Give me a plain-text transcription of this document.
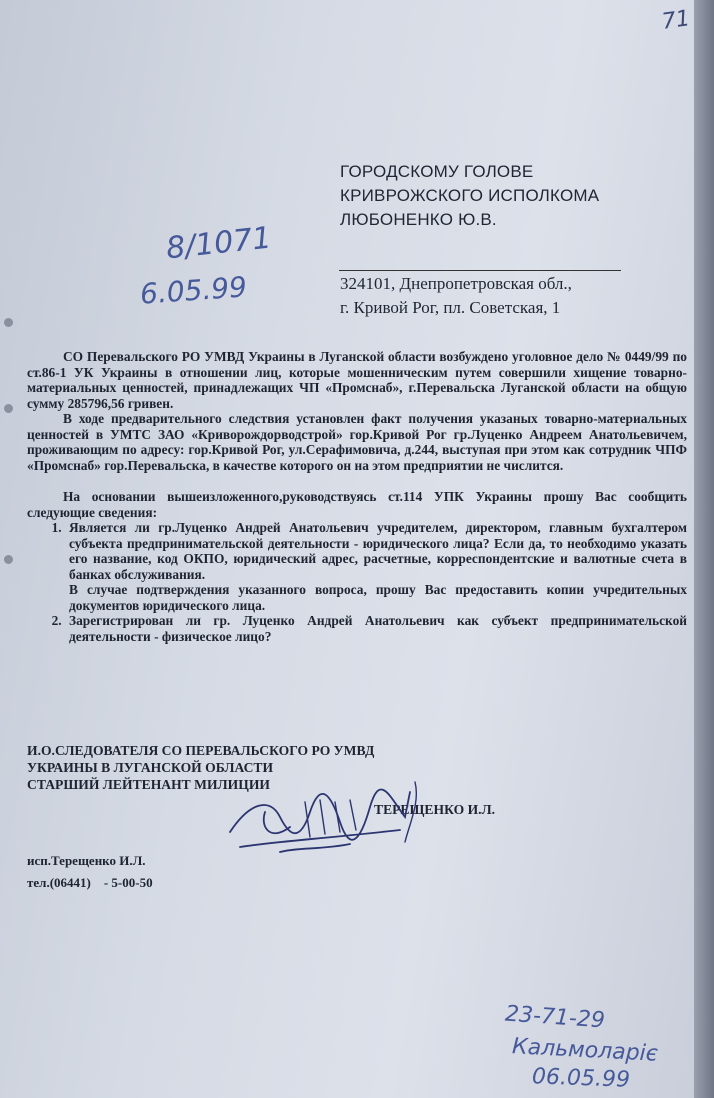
71
ГОРОДСКОМУ ГОЛОВЕ
КРИВРОЖСКОГО ИСПОЛКОМА
ЛЮБОНЕНКО Ю.В.
324101, Днепропетровская обл.,
г. Кривой Рог, пл. Советская, 1
8/1071
6.05.99

СО Перевальского РО УМВД Украины в Луганской области возбуждено уголовное дело № 0449/99 по ст.86-1 УК Украины в отношении лиц, которые мошенническим путем совершили хищение товарно-материальных ценностей, принадлежащих ЧП «Промснаб», г.Перевальска Луганской области на общую сумму 285796,56 гривен.

В ходе предварительного следствия установлен факт получения указаных товарно-материальных ценностей в УМТС ЗАО «Криворождорводстрой» гор.Кривой Рог гр.Луценко Андреем Анатольевичем, проживающим по адресу: гор.Кривой Рог, ул.Серафимовича, д.244, выступая при этом как сотрудник ЧПФ «Промснаб» гор.Перевальска, в качестве которого он на этом предприятии не числится.

На основании вышеизложенного,руководствуясь ст.114 УПК Украины прошу Вас сообщить следующие сведения:

1. Является ли гр.Луценко Андрей Анатольевич учредителем, директором, главным бухгалтером субъекта предпринимательской деятельности - юридического лица? Если да, то необходимо указать его название, код ОКПО, юридический адрес, расчетные, корреспондентские и валютные счета в банках обслуживания.
В случае подтверждения указанного вопроса, прошу Вас предоставить копии учредительных документов юридического лица.
2. Зарегистрирован ли гр. Луценко Андрей Анатольевич как субъект предпринимательской деятельности - физическое лицо?
И.О.СЛЕДОВАТЕЛЯ СО ПЕРЕВАЛЬСКОГО РО УМВД
УКРАИНЫ В ЛУГАНСКОЙ ОБЛАСТИ
СТАРШИЙ ЛЕЙТЕНАНТ МИЛИЦИИ
ТЕРЕЩЕНКО И.Л.
исп.Терещенко И.Л.
тел.(06441)    - 5-00-50
23-71-29
Кальмоларіє
06.05.99
